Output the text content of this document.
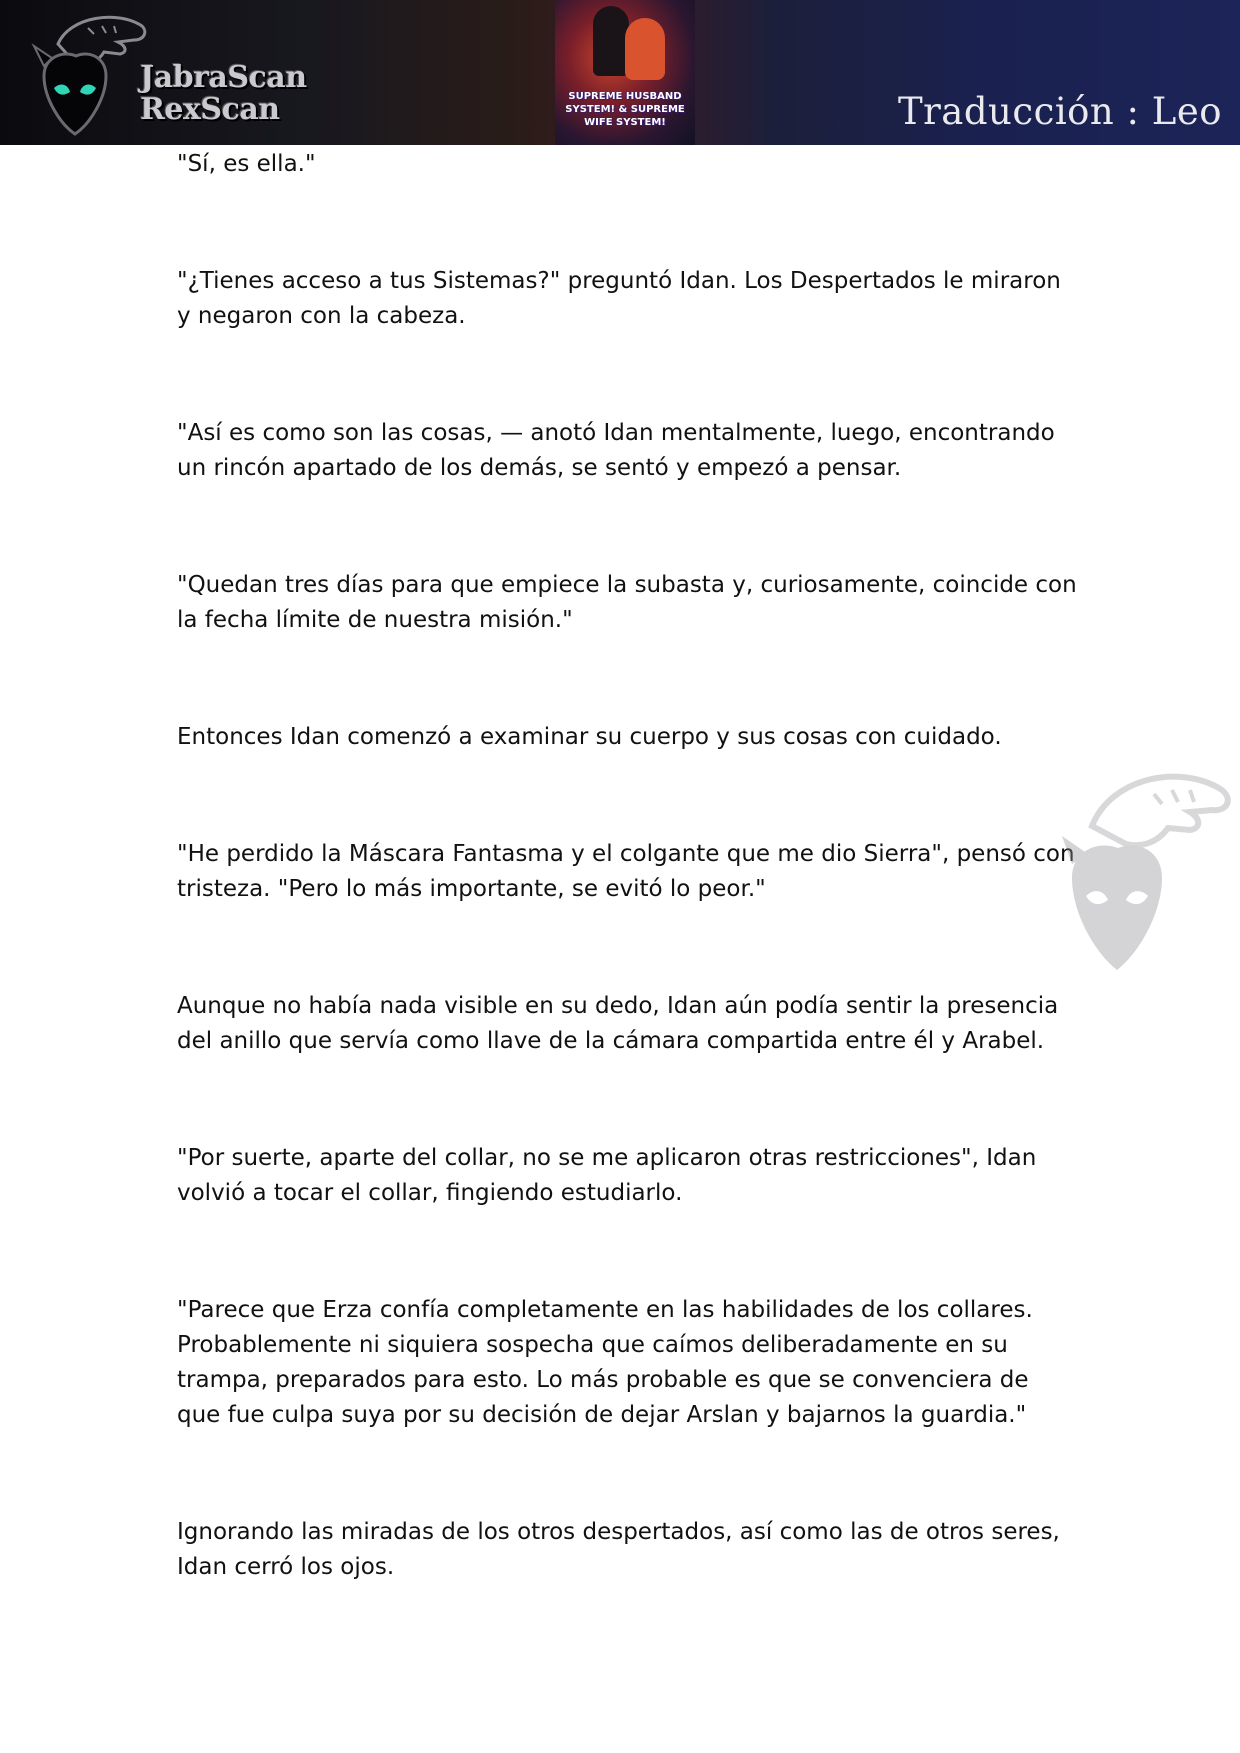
JabraScan
RexScan	SUPREME HUSBAND
SYSTEM! & SUPREME
WIFE SYSTEM!	Traducción : Leo

"Sí, es ella."

"¿Tienes acceso a tus Sistemas?" preguntó Idan. Los Despertados le miraron y negaron con la cabeza.

"Así es como son las cosas, — anotó Idan mentalmente, luego, encontrando un rincón apartado de los demás, se sentó y empezó a pensar.

"Quedan tres días para que empiece la subasta y, curiosamente, coincide con la fecha límite de nuestra misión."

Entonces Idan comenzó a examinar su cuerpo y sus cosas con cuidado.

"He perdido la Máscara Fantasma y el colgante que me dio Sierra", pensó con tristeza. "Pero lo más importante, se evitó lo peor."

Aunque no había nada visible en su dedo, Idan aún podía sentir la presencia del anillo que servía como llave de la cámara compartida entre él y Arabel.

"Por suerte, aparte del collar, no se me aplicaron otras restricciones", Idan volvió a tocar el collar, fingiendo estudiarlo.

"Parece que Erza confía completamente en las habilidades de los collares. Probablemente ni siquiera sospecha que caímos deliberadamente en su trampa, preparados para esto. Lo más probable es que se convenciera de que fue culpa suya por su decisión de dejar Arslan y bajarnos la guardia."

Ignorando las miradas de los otros despertados, así como las de otros seres, Idan cerró los ojos.
